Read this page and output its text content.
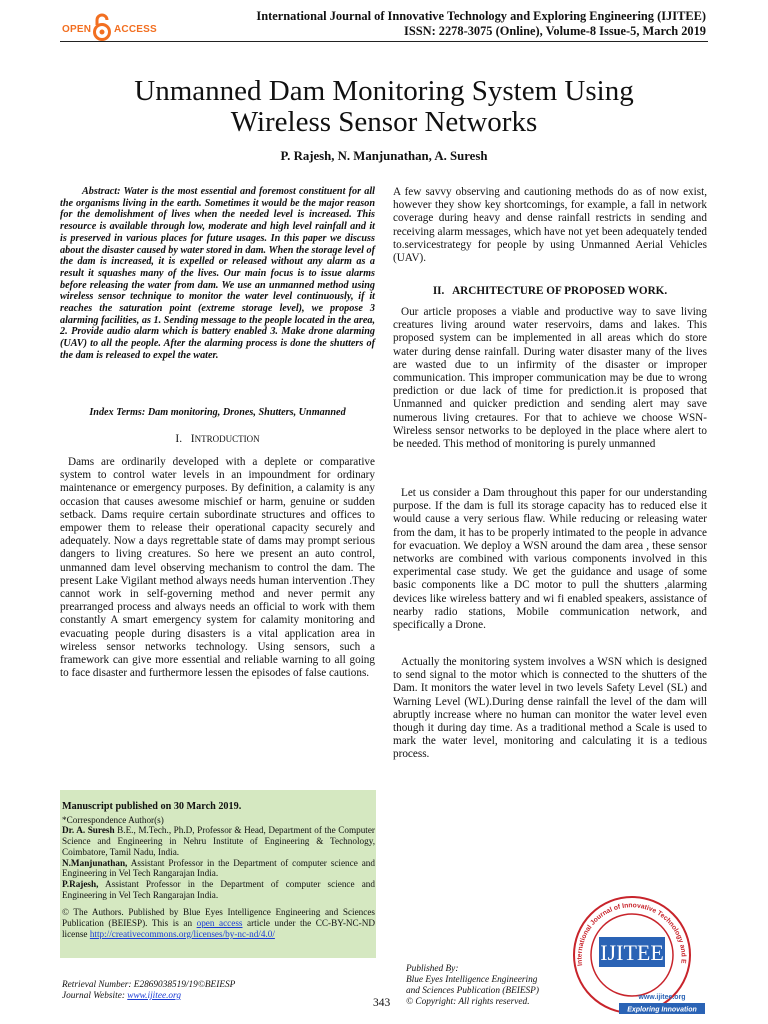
OPEN ACCESS
International Journal of Innovative Technology and Exploring Engineering (IJITEE)
ISSN: 2278-3075 (Online), Volume-8 Issue-5, March 2019
Unmanned Dam Monitoring System Using
Wireless Sensor Networks
P. Rajesh, N. Manjunathan, A. Suresh
Abstract: Water is the most essential and foremost constituent for all the organisms living in the earth. Sometimes it would be the major reason for the demolishment of lives when the needed level is increased. This resource is available through low, moderate and high level rainfall and it is preserved in various places for future usages. In this paper we discuss about the disaster caused by water stored in dam. When the storage level of the dam is increased, it is expelled or released without any alarm as a result it squashes many of the lives. Our main focus is to issue alarms before releasing the water from dam. We use an unmanned method using wireless sensor technique to monitor the water level continuously, if it reaches the saturation point (extreme storage level), we propose 3 alarming facilities, as 1. Sending message to the people located in the area, 2. Provide audio alarm which is battery enabled 3. Make drone alarming (UAV) to all the people. After the alarming process is done the shutters of the dam is released to expel the water.
Index Terms: Dam monitoring, Drones, Shutters, Unmanned
I. INTRODUCTION
Dams are ordinarily developed with a deplete or comparative system to control water levels in an impoundment for ordinary maintenance or emergency purposes. By definition, a calamity is any occasion that causes awesome mischief or harm, genuine or sudden setback. Dams require certain subordinate structures and offices to empower them to release their operational capacity securely and adequately. Now a days regrettable state of dams may prompt serious dangers to living creatures. So here we present an auto control, unmanned dam level observing mechanism to control the dam. The present Lake Vigilant method always needs human intervention .They cannot work in self-governing method and never permit any prearranged process and always needs an official to work with them constantly A smart emergency system for calamity monitoring and evacuating people during disasters is a vital application area in wireless sensor networks technology. Using sensors, such a framework can give more essential and reliable warning to all going to face disaster and furthermore lessen the episodes of false cautions.
A few savvy observing and cautioning methods do as of now exist, however they show key shortcomings, for example, a fall in network coverage during heavy and dense rainfall restricts in sending and receiving alarm messages, which have not yet been adequately tended to.servicestrategy for people by using Unmanned Aerial Vehicles (UAV).
II.   ARCHITECTURE OF PROPOSED WORK.
Our article proposes a viable and productive way to save living creatures living around water reservoirs, dams and lakes. This proposed system can be implemented in all areas which do store water during dense rainfall. During water disaster many of the lives are wasted due to un infirmity of the disaster or improper communication. This improper communication may be due to wrong prediction or due lack of time for prediction.it is proposed that Unmanned and quicker prediction and sending alert may save numerous living cretaures. For that to achieve we choose WSN-Wireless sensor networks to be deployed in the place where alert to be needed. This method of monitoring is purely unmanned
Let us consider a Dam throughout this paper for our understanding purpose. If the dam is full its storage capacity has to reduced else it would cause a very serious flaw. While reducing or releasing water from the dam, it has to be properly intimated to the people in advance for evacuation. We deploy a WSN around the dam area , these sensor networks are combined with various components involved in this experimental case study. We get the guidance and usage of some basic components like a DC motor to pull the shutters ,alarming devices like wireless battery and wi fi enabled speakers, assistance of nearby radio stations, Mobile communication network, and specifically a Drone.
Actually the monitoring system involves a WSN which is designed to send signal to the motor which is connected to the shutters of the Dam. It monitors the water level in two levels Safety Level (SL) and Warning Level (WL).During dense rainfall the level of the dam will abruptly increase where no human can monitor the water level even though it during day time. As a traditional method a Scale is used to mark the water level, monitoring and calculating it is a tedious process.

Manuscript published on 30 March 2019.

*Correspondence Author(s)

Dr. A. Suresh B.E., M.Tech., Ph.D, Professor & Head, Department of the Computer Science and Engineering in Nehru Institute of Engineering & Technology, Coimbatore, Tamil Nadu, India.

N.Manjunathan, Assistant Professor in the Department of computer science and Engineering in Vel Tech Rangarajan India.

P.Rajesh, Assistant Professor in the Department of computer science and Engineering in Vel Tech Rangarajan India.

© The Authors. Published by Blue Eyes Intelligence Engineering and Sciences Publication (BEIESP). This is an open access article under the CC-BY-NC-ND license http://creativecommons.org/licenses/by-nc-nd/4.0/

Retrieval Number: E2869038519/19©BEIESP
Journal Website: www.ijitee.org
343
Published By:
Blue Eyes Intelligence Engineering
and Sciences Publication (BEIESP)
© Copyright: All rights reserved.
International Journal of Innovative Technology and E
IJITEE
www.ijitee.org
Exploring Innovation
